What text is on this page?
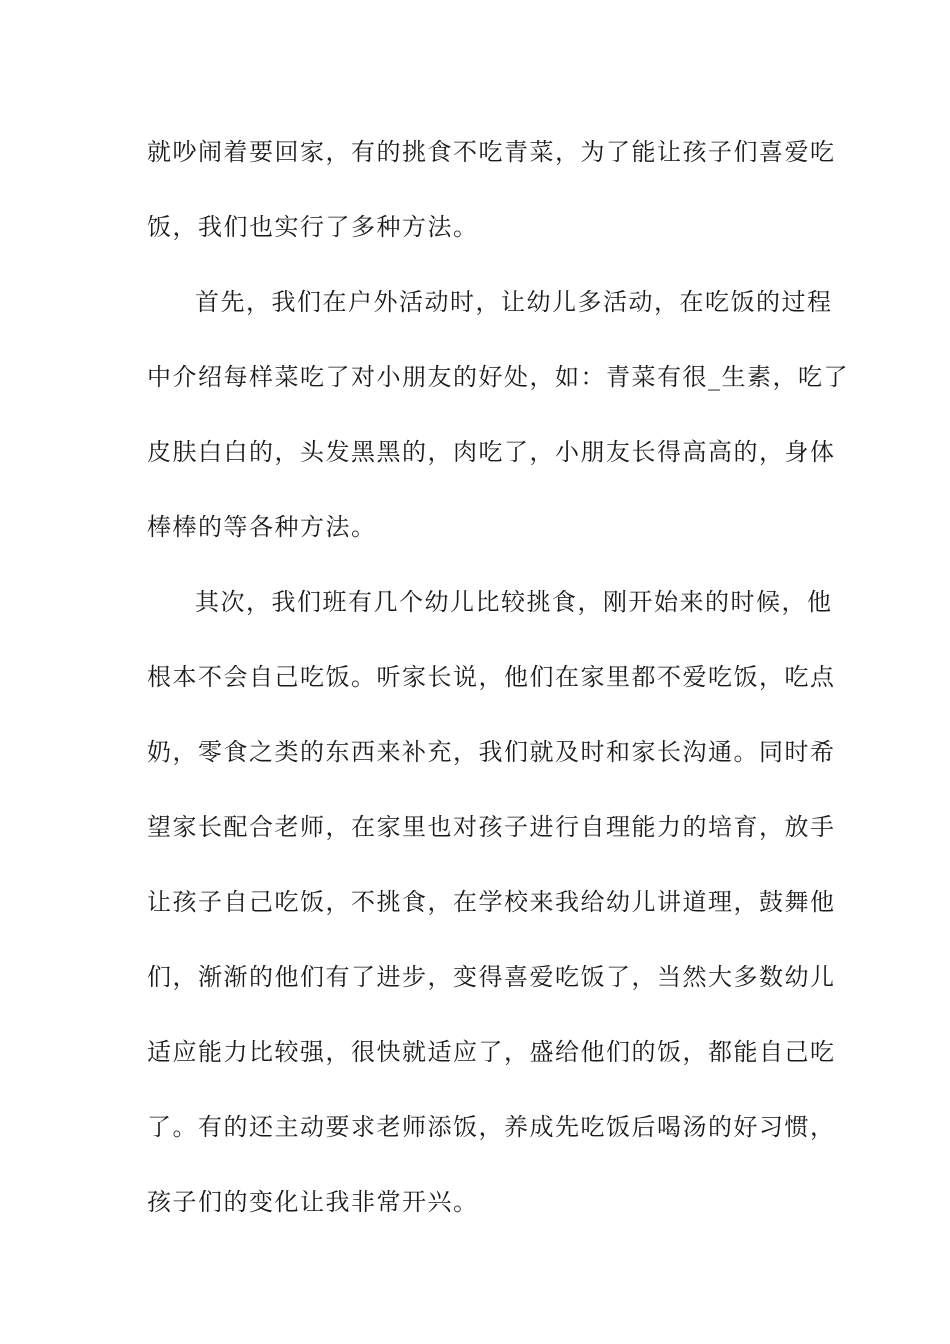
就吵闹着要回家，有的挑食不吃青菜，为了能让孩子们喜爱吃
饭，我们也实行了多种方法。
首先，我们在户外活动时，让幼儿多活动，在吃饭的过程
中介绍每样菜吃了对小朋友的好处，如：青菜有很_生素，吃了
皮肤白白的，头发黑黑的，肉吃了，小朋友长得高高的，身体
棒棒的等各种方法。
其次，我们班有几个幼儿比较挑食，刚开始来的时候，他
根本不会自己吃饭。听家长说，他们在家里都不爱吃饭，吃点
奶，零食之类的东西来补充，我们就及时和家长沟通。同时希
望家长配合老师，在家里也对孩子进行自理能力的培育，放手
让孩子自己吃饭，不挑食，在学校来我给幼儿讲道理，鼓舞他
们，渐渐的他们有了进步，变得喜爱吃饭了，当然大多数幼儿
适应能力比较强，很快就适应了，盛给他们的饭，都能自己吃
了。有的还主动要求老师添饭，养成先吃饭后喝汤的好习惯，
孩子们的变化让我非常开兴。
